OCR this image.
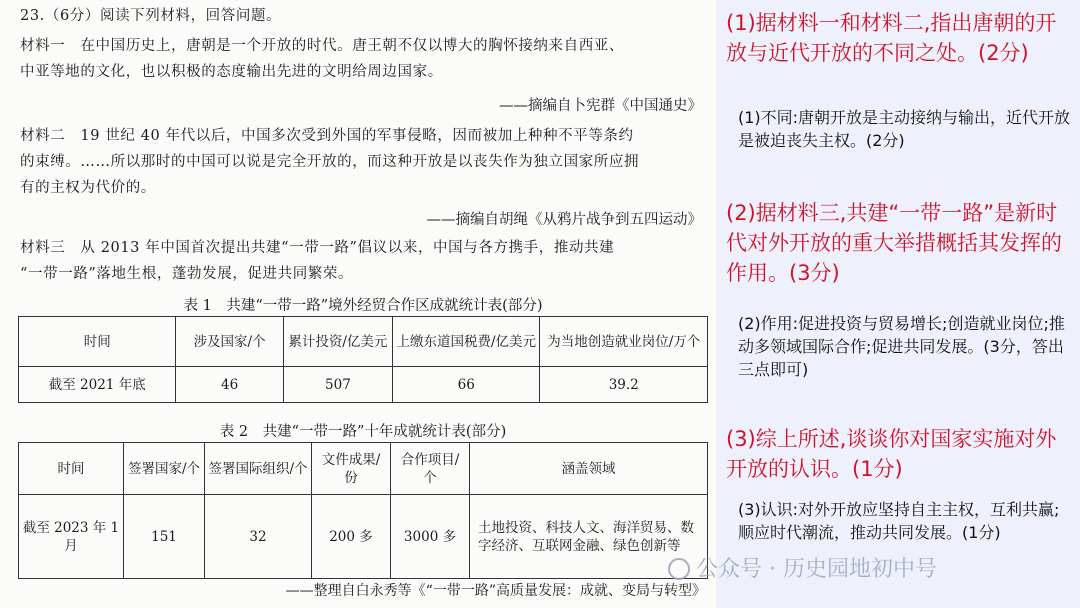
23.（6分）阅读下列材料，回答问题。
材料一　在中国历史上，唐朝是一个开放的时代。唐王朝不仅以博大的胸怀接纳来自西亚、
中亚等地的文化，也以积极的态度输出先进的文明给周边国家。
——摘编自卜宪群《中国通史》
材料二　19 世纪 40 年代以后，中国多次受到外国的军事侵略，因而被加上种种不平等条约
的束缚。……所以那时的中国可以说是完全开放的，而这种开放是以丧失作为独立国家所应拥
有的主权为代价的。
——摘编自胡绳《从鸦片战争到五四运动》
材料三　从 2013 年中国首次提出共建“一带一路”倡议以来，中国与各方携手，推动共建
“一带一路”落地生根，蓬勃发展，促进共同繁荣。
表 1　共建“一带一路”境外经贸合作区成就统计表(部分)
时间	涉及国家/个	累计投资/亿美元	上缴东道国税费/亿美元	为当地创造就业岗位/万个
截至 2021 年底	46	507	66	39.2
表 2　共建“一带一路”十年成就统计表(部分)
时间	签署国家/个	签署国际组织/个	文件成果/份	合作项目/个	涵盖领域
截至 2023 年 1 月	151	32	200 多	3000 多	土地投资、科技人文、海洋贸易、数字经济、互联网金融、绿色创新等
——整理自白永秀等《“一带一路”高质量发展：成就、变局与转型》
(1)据材料一和材料二,指出唐朝的开放与近代开放的不同之处。(2分)
(1)不同:唐朝开放是主动接纳与输出，近代开放是被迫丧失主权。(2分)
(2)据材料三,共建“一带一路”是新时代对外开放的重大举措概括其发挥的作用。(3分)
(2)作用:促进投资与贸易增长;创造就业岗位;推动多领域国际合作;促进共同发展。(3分，答出三点即可)
(3)综上所述,谈谈你对国家实施对外开放的认识。(1分)
(3)认识:对外开放应坚持自主主权，互利共赢;顺应时代潮流，推动共同发展。(1分)
公众号 · 历史园地初中号
